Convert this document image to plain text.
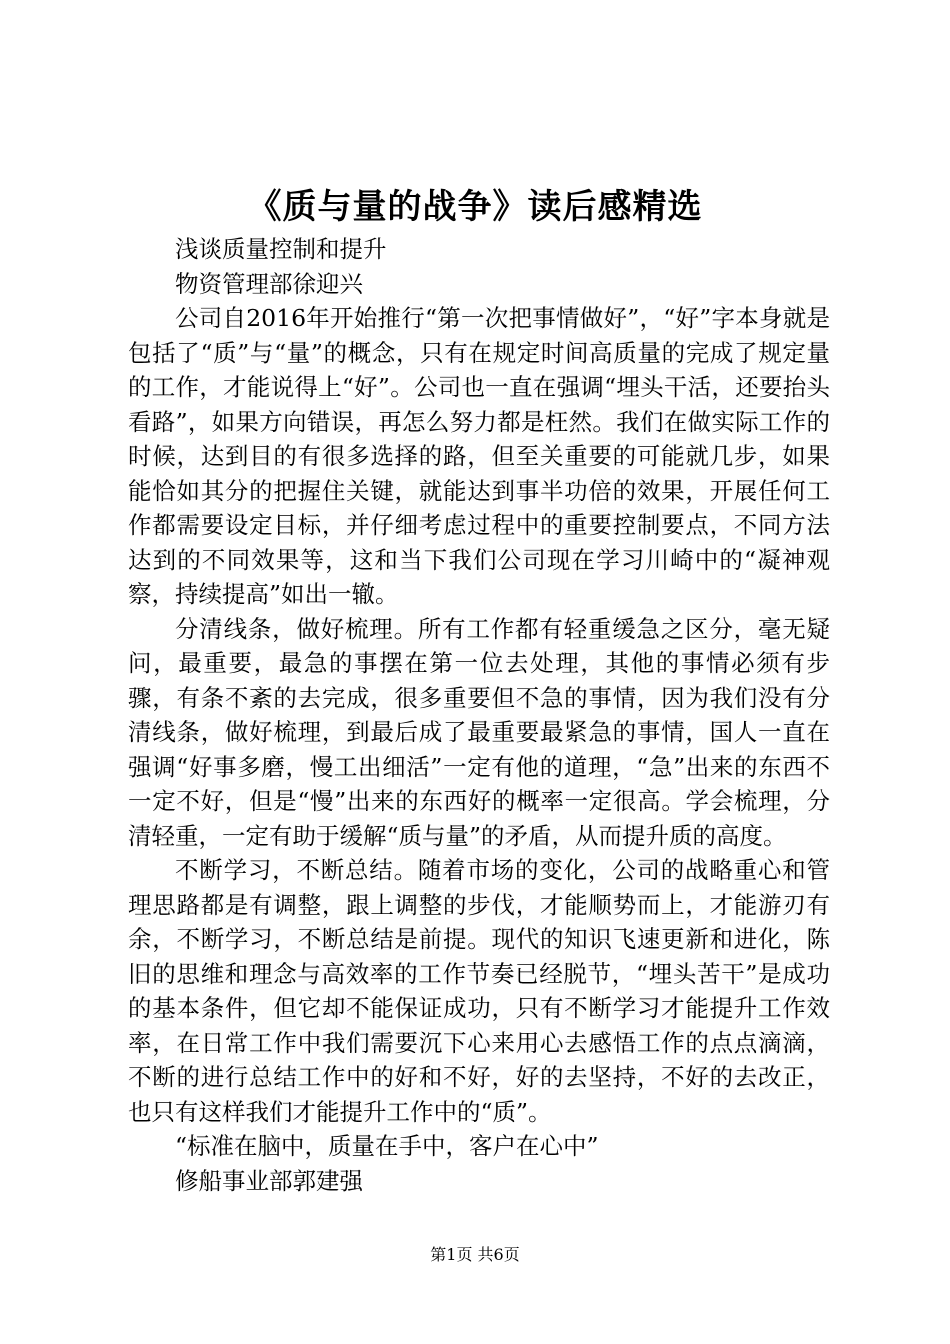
《质与量的战争》读后感精选

浅谈质量控制和提升

物资管理部徐迎兴

公司自2016年开始推行“第一次把事情做好”，“好”字本身就是包括了“质”与“量”的概念，只有在规定时间高质量的完成了规定量的工作，才能说得上“好”。公司也一直在强调“埋头干活，还要抬头看路”，如果方向错误，再怎么努力都是枉然。我们在做实际工作的时候，达到目的有很多选择的路，但至关重要的可能就几步，如果能恰如其分的把握住关键，就能达到事半功倍的效果，开展任何工作都需要设定目标，并仔细考虑过程中的重要控制要点，不同方法达到的不同效果等，这和当下我们公司现在学习川崎中的“凝神观察，持续提高”如出一辙。

分清线条，做好梳理。所有工作都有轻重缓急之区分，毫无疑问，最重要，最急的事摆在第一位去处理，其他的事情必须有步骤，有条不紊的去完成，很多重要但不急的事情，因为我们没有分清线条，做好梳理，到最后成了最重要最紧急的事情，国人一直在强调“好事多磨，慢工出细活”一定有他的道理，“急”出来的东西不一定不好，但是“慢”出来的东西好的概率一定很高。学会梳理，分清轻重，一定有助于缓解“质与量”的矛盾，从而提升质的高度。

不断学习，不断总结。随着市场的变化，公司的战略重心和管理思路都是有调整，跟上调整的步伐，才能顺势而上，才能游刃有余，不断学习，不断总结是前提。现代的知识飞速更新和进化，陈旧的思维和理念与高效率的工作节奏已经脱节，“埋头苦干”是成功的基本条件，但它却不能保证成功，只有不断学习才能提升工作效率，在日常工作中我们需要沉下心来用心去感悟工作的点点滴滴，不断的进行总结工作中的好和不好，好的去坚持，不好的去改正，也只有这样我们才能提升工作中的“质”。

“标准在脑中，质量在手中，客户在心中”

修船事业部郭建强

第1页 共6页
